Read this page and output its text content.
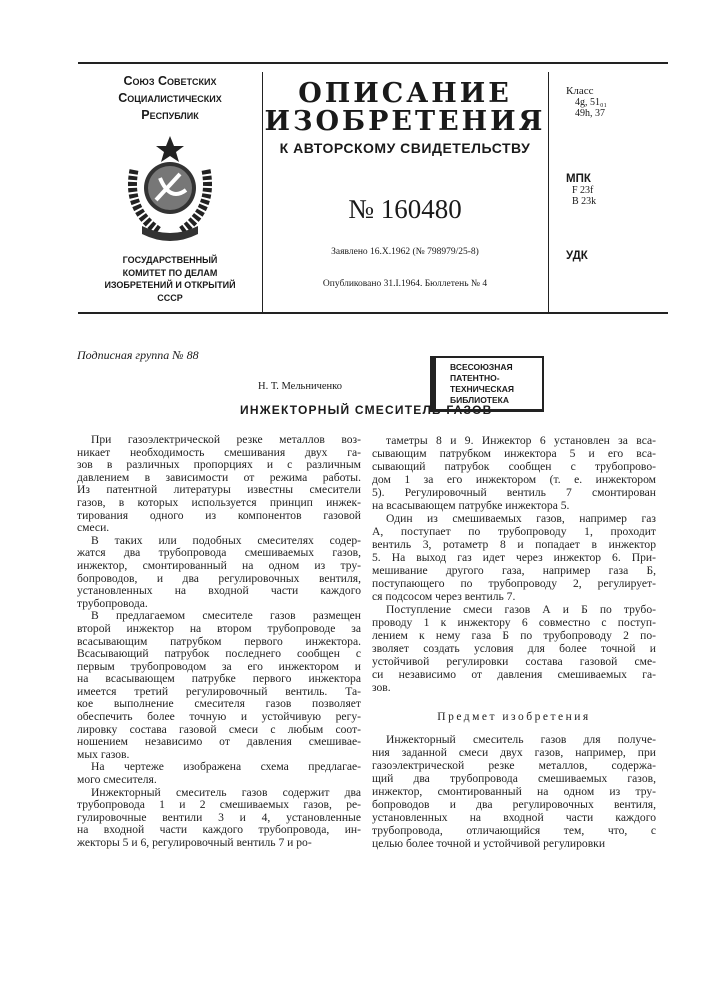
Союз Советских
Социалистических
Республик
ГОСУДАРСТВЕННЫЙ
КОМИТЕТ ПО ДЕЛАМ
ИЗОБРЕТЕНИЙ И ОТКРЫТИЙ
СССР
ОПИСАНИЕ
ИЗОБРЕТЕНИЯ
К АВТОРСКОМУ СВИДЕТЕЛЬСТВУ
№ 160480
Заявлено 16.X.1962 (№ 798979/25-8)
Опубликовано 31.I.1964. Бюллетень № 4
Класс
4g, 51₀₁
49h, 37
МПК
F 23f
B 23k
УДК
Подписная группа № 88
Н. Т. Мельниченко
ИНЖЕКТОРНЫЙ СМЕСИТЕЛЬ ГАЗОВ
ВСЕСОЮЗНАЯ
ПАТЕНТНО-
ТЕХНИЧЕСКАЯ
БИБЛИОТЕКА
При газоэлектрической резке металлов воз-
никает необходимость смешивания двух га-
зов в различных пропорциях и с различным
давлением в зависимости от режима работы.
Из патентной литературы известны смесители
газов, в которых используется принцип инжек-
тирования одного из компонентов газовой
смеси.
В таких или подобных смесителях содер-
жатся два трубопровода смешиваемых газов,
инжектор, смонтированный на одном из тру-
бопроводов, и два регулировочных вентиля,
установленных на входной части каждого
трубопровода.
В предлагаемом смесителе газов размещен
второй инжектор на втором трубопроводе за
всасывающим патрубком первого инжектора.
Всасывающий патрубок последнего сообщен с
первым трубопроводом за его инжектором и
на всасывающем патрубке первого инжектора
имеется третий регулировочный вентиль. Та-
кое выполнение смесителя газов позволяет
обеспечить более точную и устойчивую регу-
лировку состава газовой смеси с любым соот-
ношением независимо от давления смешивае-
мых газов.
На чертеже изображена схема предлагае-
мого смесителя.
Инжекторный смеситель газов содержит два
трубопровода 1 и 2 смешиваемых газов, ре-
гулировочные вентили 3 и 4, установленные
на входной части каждого трубопровода, ин-
жекторы 5 и 6, регулировочный вентиль 7 и ро-
таметры 8 и 9. Инжектор 6 установлен за вса-
сывающим патрубком инжектора 5 и его вса-
сывающий патрубок сообщен с трубопрово-
дом 1 за его инжектором (т. е. инжектором
5). Регулировочный вентиль 7 смонтирован
на всасывающем патрубке инжектора 5.
Один из смешиваемых газов, например газ
А, поступает по трубопроводу 1, проходит
вентиль 3, ротаметр 8 и попадает в инжектор
5. На выход газ идет через инжектор 6. При-
мешивание другого газа, например газа Б,
поступающего по трубопроводу 2, регулирует-
ся подсосом через вентиль 7.
Поступление смеси газов А и Б по трубо-
проводу 1 к инжектору 6 совместно с поступ-
лением к нему газа Б по трубопроводу 2 по-
зволяет создать условия для более точной и
устойчивой регулировки состава газовой сме-
си независимо от давления смешиваемых га-
зов.
Предмет изобретения
Инжекторный смеситель газов для получе-
ния заданной смеси двух газов, например, при
газоэлектрической резке металлов, содержа-
щий два трубопровода смешиваемых газов,
инжектор, смонтированный на одном из тру-
бопроводов и два регулировочных вентиля,
установленных на входной части каждого
трубопровода, отличающийся тем, что, с
целью более точной и устойчивой регулировки
